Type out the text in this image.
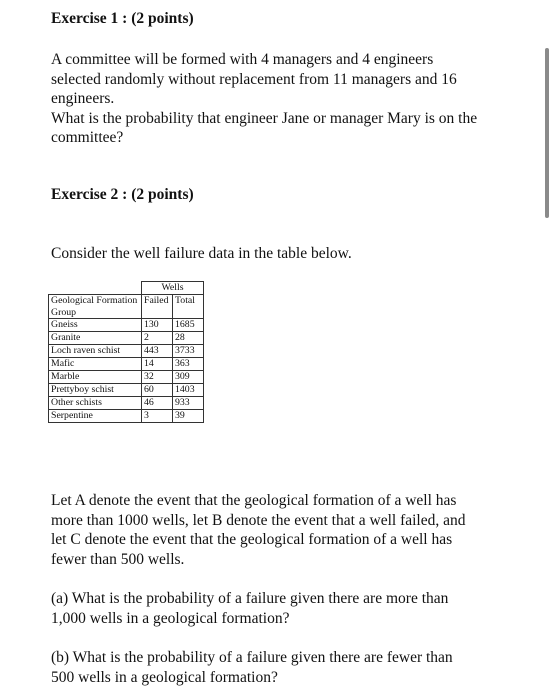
Exercise 1 : (2 points)

A committee will be formed with 4 managers and 4 engineers

selected randomly without replacement from 11 managers and 16

engineers.

What is the probability that engineer Jane or manager Mary is on the

committee?

Exercise 2 : (2 points)
Consider the well failure data in the table below.
	Wells	
Geological Formation Group	Failed	Total
Gneiss	130	1685
Granite	2	28
Loch raven schist	443	3733
Mafic	14	363
Marble	32	309
Prettyboy schist	60	1403
Other schists	46	933
Serpentine	3	39

Let A denote the event that the geological formation of a well has

more than 1000 wells, let B denote the event that a well failed, and

let C denote the event that the geological formation of a well has

fewer than 500 wells.

(a) What is the probability of a failure given there are more than

1,000 wells in a geological formation?

(b) What is the probability of a failure given there are fewer than

500 wells in a geological formation?
